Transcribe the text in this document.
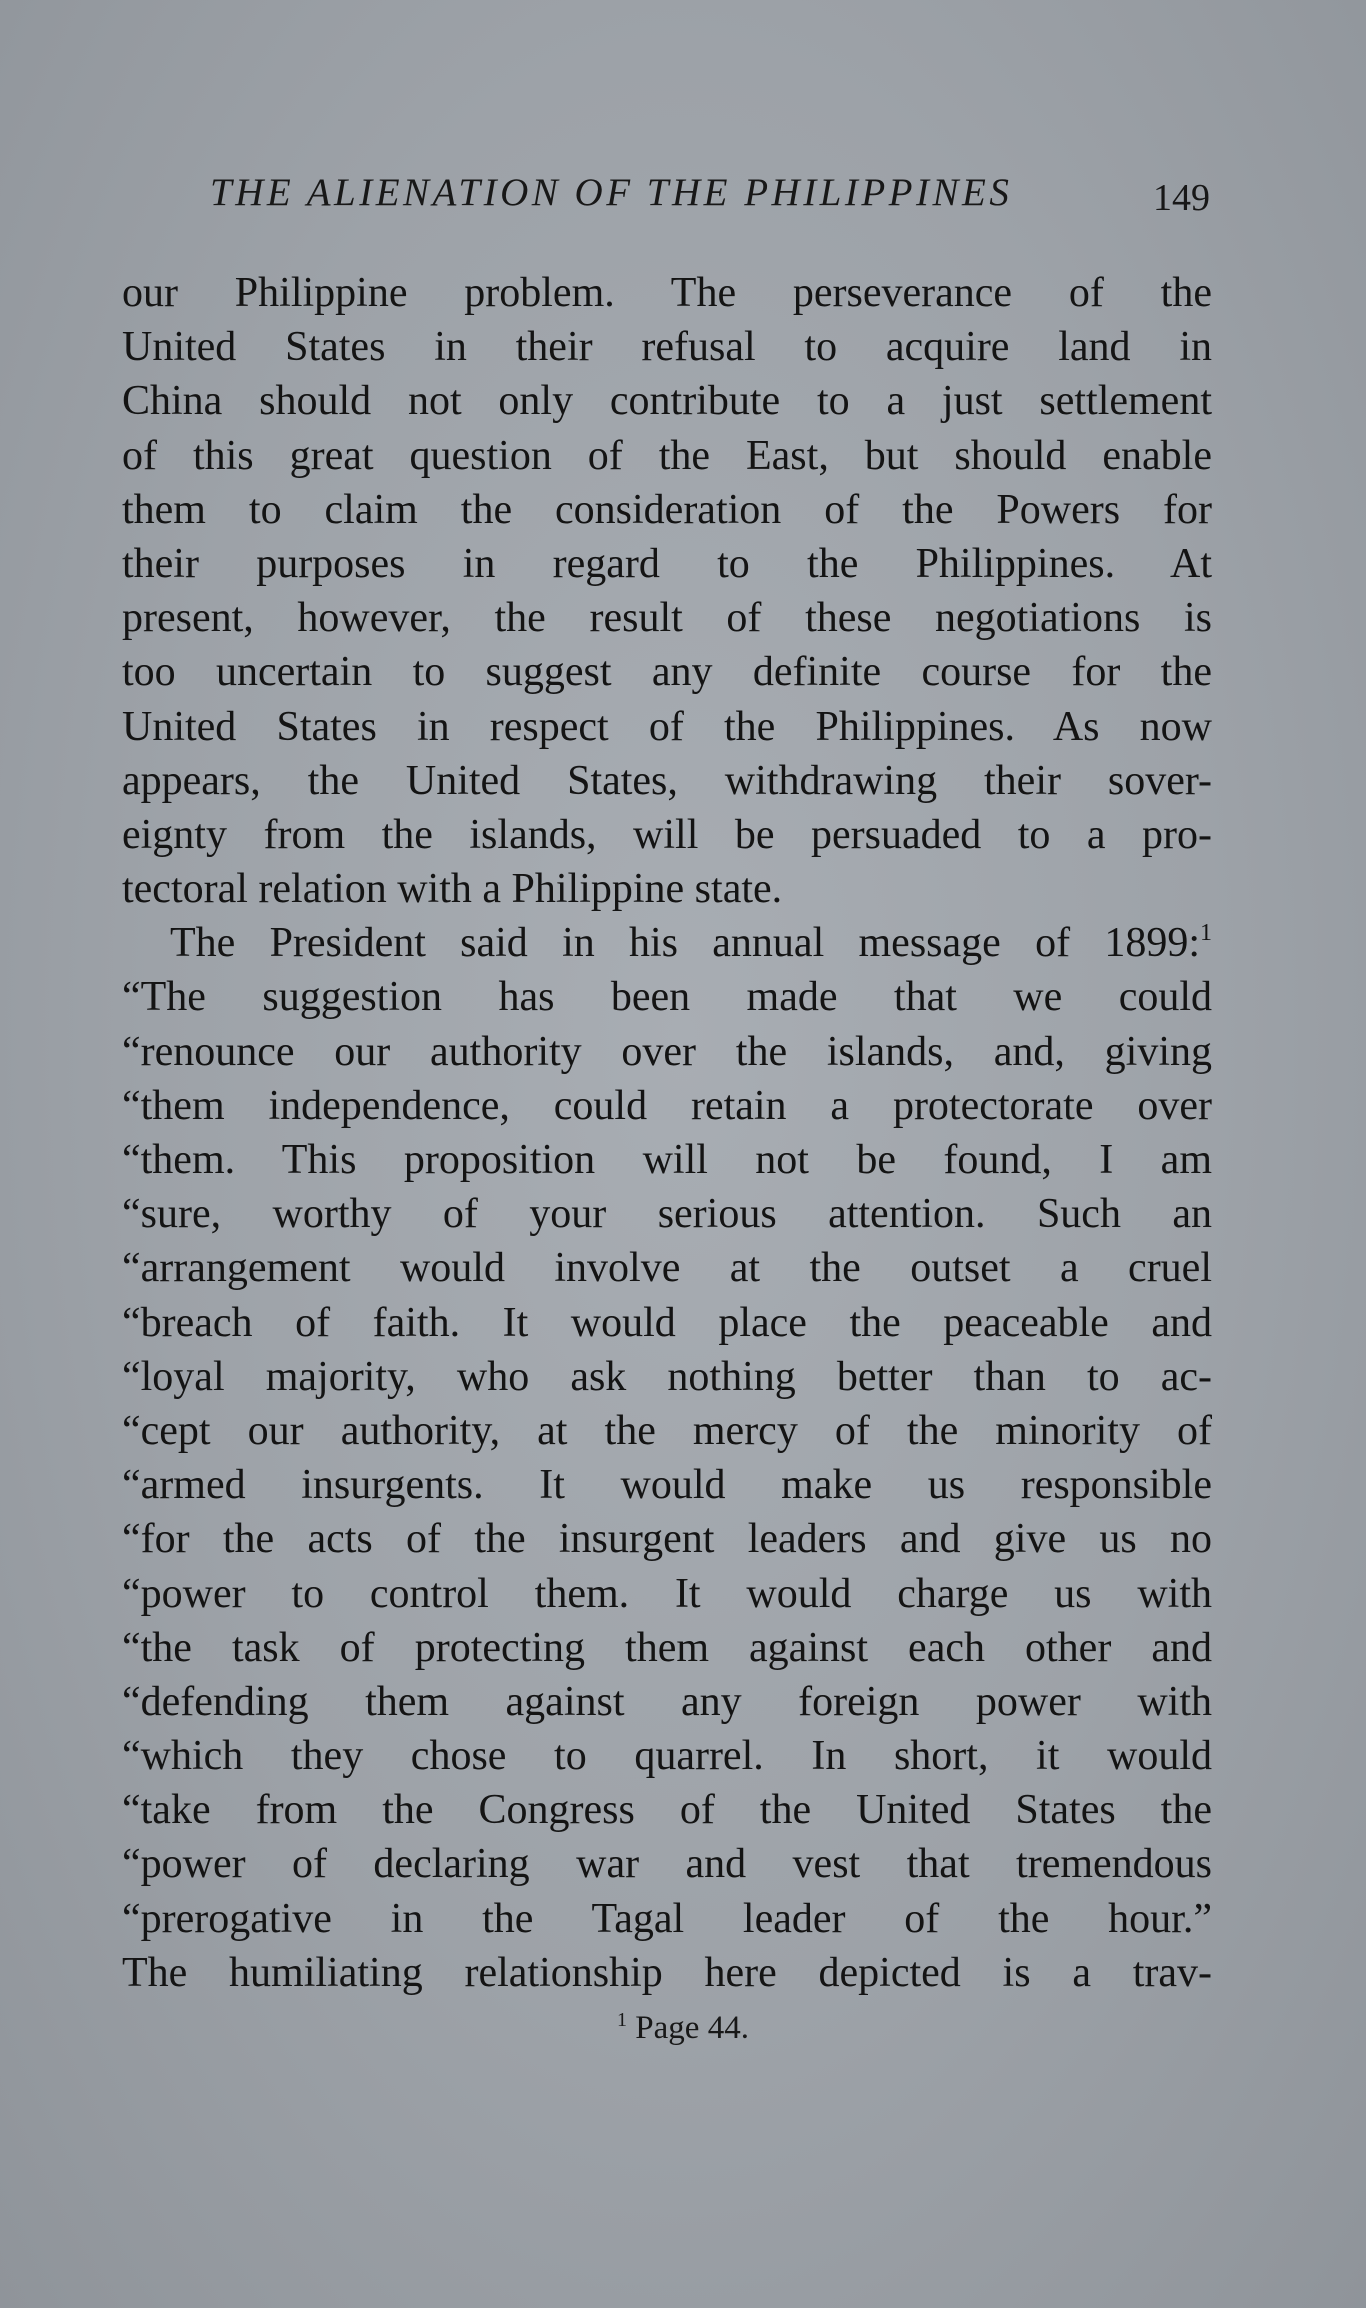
THE ALIENATION OF THE PHILIPPINES	149
our Philippine problem. The perseverance of the
United States in their refusal to acquire land in
China should not only contribute to a just settlement
of this great question of the East, but should enable
them to claim the consideration of the Powers for
their purposes in regard to the Philippines. At
present, however, the result of these negotiations is
too uncertain to suggest any definite course for the
United States in respect of the Philippines. As now
appears, the United States, withdrawing their sover-
eignty from the islands, will be persuaded to a pro-
tectoral relation with a Philippine state.
The President said in his annual message of 1899:$^1$
“The suggestion has been made that we could
“renounce our authority over the islands, and, giving
“them independence, could retain a protectorate over
“them. This proposition will not be found, I am
“sure, worthy of your serious attention. Such an
“arrangement would involve at the outset a cruel
“breach of faith. It would place the peaceable and
“loyal majority, who ask nothing better than to ac-
“cept our authority, at the mercy of the minority of
“armed insurgents. It would make us responsible
“for the acts of the insurgent leaders and give us no
“power to control them. It would charge us with
“the task of protecting them against each other and
“defending them against any foreign power with
“which they chose to quarrel. In short, it would
“take from the Congress of the United States the
“power of declaring war and vest that tremendous
“prerogative in the Tagal leader of the hour.”
The humiliating relationship here depicted is a trav-
$^1$ Page 44.
